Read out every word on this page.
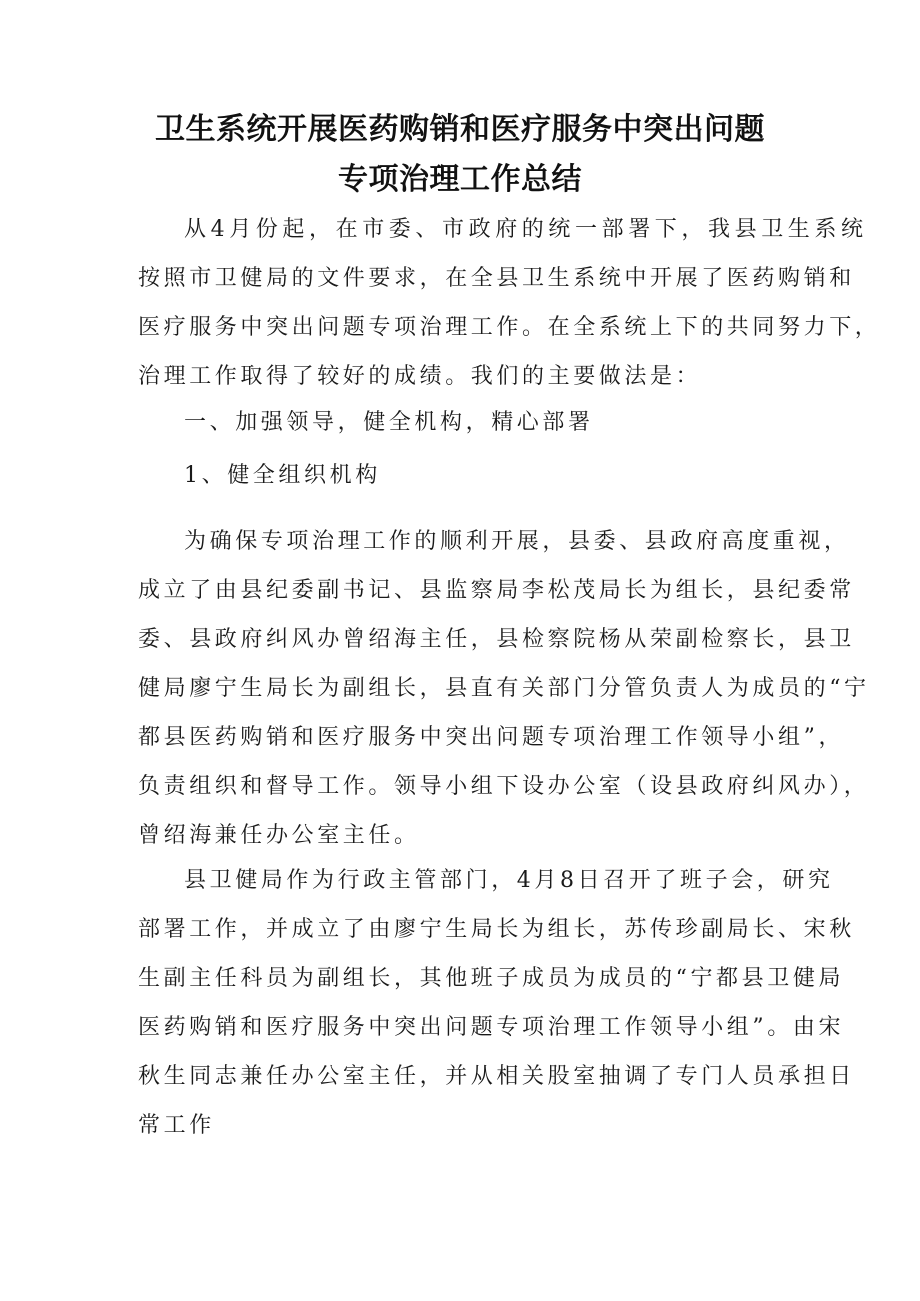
卫生系统开展医药购销和医疗服务中突出问题
专项治理工作总结
从4月份起，在市委、市政府的统一部署下，我县卫生系统
按照市卫健局的文件要求，在全县卫生系统中开展了医药购销和
医疗服务中突出问题专项治理工作。在全系统上下的共同努力下，
治理工作取得了较好的成绩。我们的主要做法是：
一、加强领导，健全机构，精心部署
1、健全组织机构
为确保专项治理工作的顺利开展，县委、县政府高度重视，
成立了由县纪委副书记、县监察局李松茂局长为组长，县纪委常
委、县政府纠风办曾绍海主任，县检察院杨从荣副检察长，县卫
健局廖宁生局长为副组长，县直有关部门分管负责人为成员的“宁
都县医药购销和医疗服务中突出问题专项治理工作领导小组”，
负责组织和督导工作。领导小组下设办公室（设县政府纠风办），
曾绍海兼任办公室主任。
县卫健局作为行政主管部门，4月8日召开了班子会，研究
部署工作，并成立了由廖宁生局长为组长，苏传珍副局长、宋秋
生副主任科员为副组长，其他班子成员为成员的“宁都县卫健局
医药购销和医疗服务中突出问题专项治理工作领导小组”。由宋
秋生同志兼任办公室主任，并从相关股室抽调了专门人员承担日
常工作
